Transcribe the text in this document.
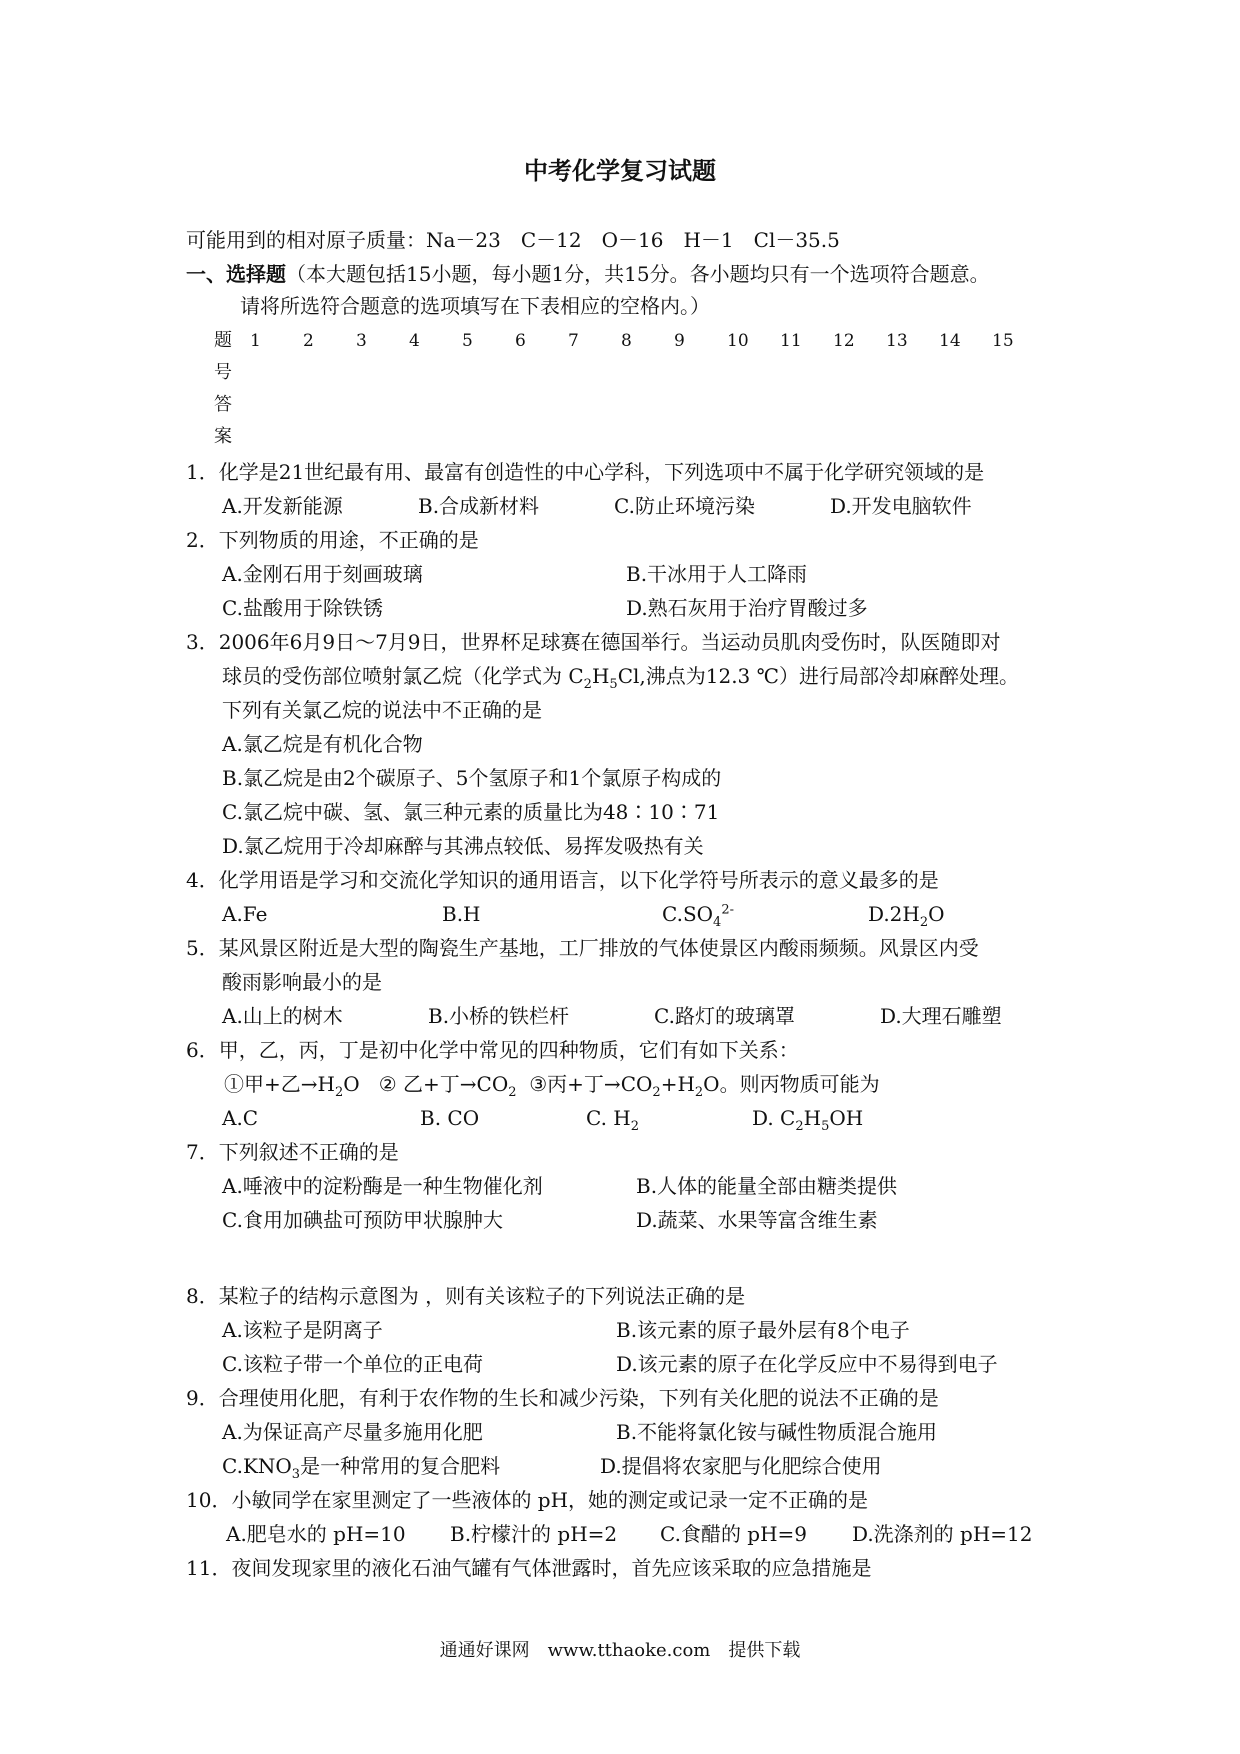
中考化学复习试题
可能用到的相对原子质量：Na－23　C－12　O－16　H－1　Cl－35.5
一、选择题（本大题包括15小题，每小题1分，共15分。各小题均只有一个选项符合题意。
请将所选符合题意的选项填写在下表相应的空格内。）
题
号
答
案
1 2 3 4 5 6 7 8 9 10 11 12 13 14 15
1．化学是21世纪最有用、最富有创造性的中心学科，下列选项中不属于化学研究领域的是
A.开发新能源	B.合成新材料	C.防止环境污染	D.开发电脑软件
2．下列物质的用途，不正确的是
A.金刚石用于刻画玻璃	B.干冰用于人工降雨
C.盐酸用于除铁锈	D.熟石灰用于治疗胃酸过多
3．2006年6月9日～7月9日，世界杯足球赛在德国举行。当运动员肌肉受伤时，队医随即对
球员的受伤部位喷射氯乙烷（化学式为 $C_2H_5Cl$,沸点为12.3 ℃）进行局部冷却麻醉处理。
下列有关氯乙烷的说法中不正确的是
A.氯乙烷是有机化合物
B.氯乙烷是由2个碳原子、5个氢原子和1个氯原子构成的
C.氯乙烷中碳、氢、氯三种元素的质量比为48∶10∶71
D.氯乙烷用于冷却麻醉与其沸点较低、易挥发吸热有关
4．化学用语是学习和交流化学知识的通用语言，以下化学符号所表示的意义最多的是
A.Fe	B.H	$C.SO_4^{2-}$	$D.2H_2O$
5．某风景区附近是大型的陶瓷生产基地，工厂排放的气体使景区内酸雨频频。风景区内受
酸雨影响最小的是
A.山上的树木	B.小桥的铁栏杆	C.路灯的玻璃罩	D.大理石雕塑
6．甲，乙，丙，丁是初中化学中常见的四种物质，它们有如下关系：
①甲+乙$\to H_2O$ ② 乙+丁$\to CO_2$ ③丙+丁$\to CO_2+H_2O$。则丙物质可能为
A.C	B. CO	C. $H_2$	D. $C_2H_5OH$
7．下列叙述不正确的是
A.唾液中的淀粉酶是一种生物催化剂	B.人体的能量全部由糖类提供
C.食用加碘盐可预防甲状腺肿大	D.蔬菜、水果等富含维生素
8．某粒子的结构示意图为 ，则有关该粒子的下列说法正确的是
A.该粒子是阴离子	B.该元素的原子最外层有8个电子
C.该粒子带一个单位的正电荷	D.该元素的原子在化学反应中不易得到电子
9．合理使用化肥，有利于农作物的生长和减少污染，下列有关化肥的说法不正确的是
A.为保证高产尽量多施用化肥	B.不能将氯化铵与碱性物质混合施用
$C.KNO_3$是一种常用的复合肥料	D.提倡将农家肥与化肥综合使用
10．小敏同学在家里测定了一些液体的 pH，她的测定或记录一定不正确的是
A.肥皂水的 pH=10 B.柠檬汁的 pH=2 C.食醋的 pH=9 D.洗涤剂的 pH=12
11．夜间发现家里的液化石油气罐有气体泄露时，首先应该采取的应急措施是
通通好课网　www.tthaoke.com　提供下载
